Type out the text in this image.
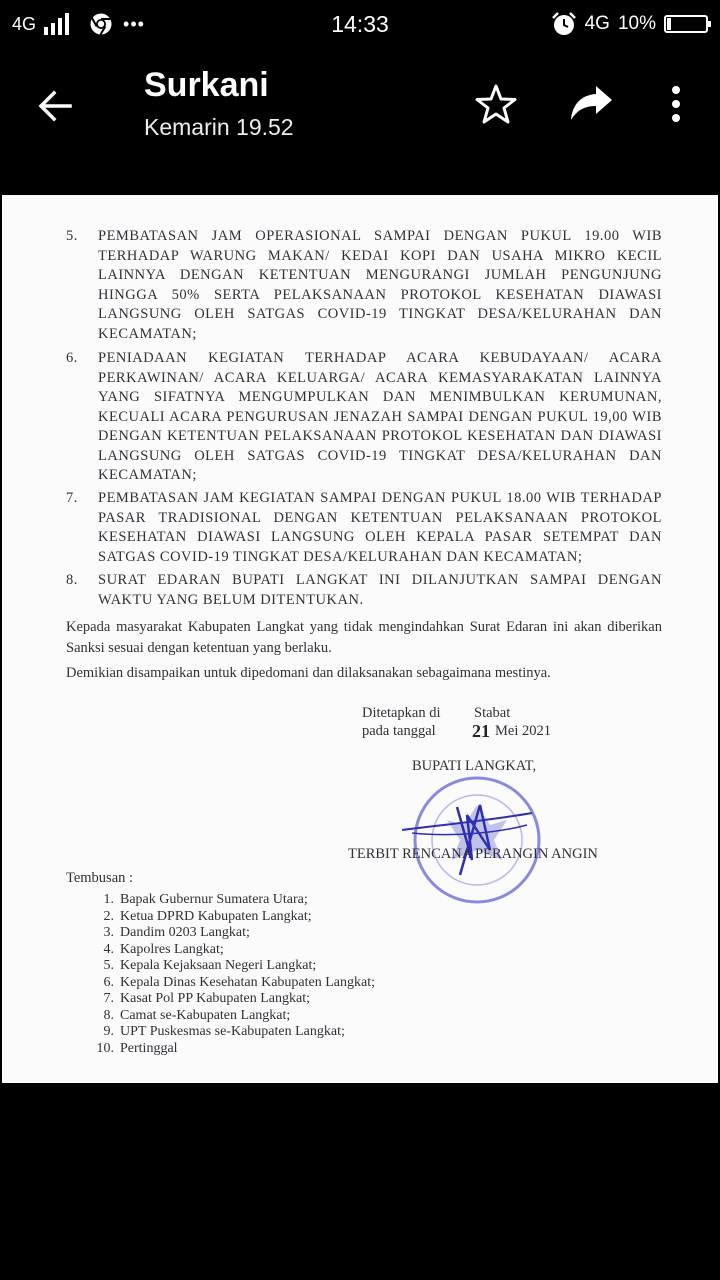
4G	•••	14:33	4G 10%
Surkani
Kemarin 19.52
5. PEMBATASAN JAM OPERASIONAL SAMPAI DENGAN PUKUL 19.00 WIB TERHADAP WARUNG MAKAN/ KEDAI KOPI DAN USAHA MIKRO KECIL LAINNYA DENGAN KETENTUAN MENGURANGI JUMLAH PENGUNJUNG HINGGA 50% SERTA PELAKSANAAN PROTOKOL KESEHATAN DIAWASI LANGSUNG OLEH SATGAS COVID-19 TINGKAT DESA/KELURAHAN DAN KECAMATAN;
6. PENIADAAN KEGIATAN TERHADAP ACARA KEBUDAYAAN/ ACARA PERKAWINAN/ ACARA KELUARGA/ ACARA KEMASYARAKATAN LAINNYA YANG SIFATNYA MENGUMPULKAN DAN MENIMBULKAN KERUMUNAN, KECUALI ACARA PENGURUSAN JENAZAH SAMPAI DENGAN PUKUL 19,00 WIB DENGAN KETENTUAN PELAKSANAAN PROTOKOL KESEHATAN DAN DIAWASI LANGSUNG OLEH SATGAS COVID-19 TINGKAT DESA/KELURAHAN DAN KECAMATAN;
7. PEMBATASAN JAM KEGIATAN SAMPAI DENGAN PUKUL 18.00 WIB TERHADAP PASAR TRADISIONAL DENGAN KETENTUAN PELAKSANAAN PROTOKOL KESEHATAN DIAWASI LANGSUNG OLEH KEPALA PASAR SETEMPAT DAN SATGAS COVID-19 TINGKAT DESA/KELURAHAN DAN KECAMATAN;
8. SURAT EDARAN BUPATI LANGKAT INI DILANJUTKAN SAMPAI DENGAN WAKTU YANG BELUM DITENTUKAN.
Kepada masyarakat Kabupaten Langkat yang tidak mengindahkan Surat Edaran ini akan diberikan Sanksi sesuai dengan ketentuan yang berlaku.
Demikian disampaikan untuk dipedomani dan dilaksanakan sebagaimana mestinya.
Ditetapkan di Stabat
pada tanggal 21 Mei 2021
BUPATI LANGKAT,
TERBIT RENCANA PERANGIN ANGIN
Tembusan :
1. Bapak Gubernur Sumatera Utara;
2. Ketua DPRD Kabupaten Langkat;
3. Dandim 0203 Langkat;
4. Kapolres Langkat;
5. Kepala Kejaksaan Negeri Langkat;
6. Kepala Dinas Kesehatan Kabupaten Langkat;
7. Kasat Pol PP Kabupaten Langkat;
8. Camat se-Kabupaten Langkat;
9. UPT Puskesmas se-Kabupaten Langkat;
10. Pertinggal
